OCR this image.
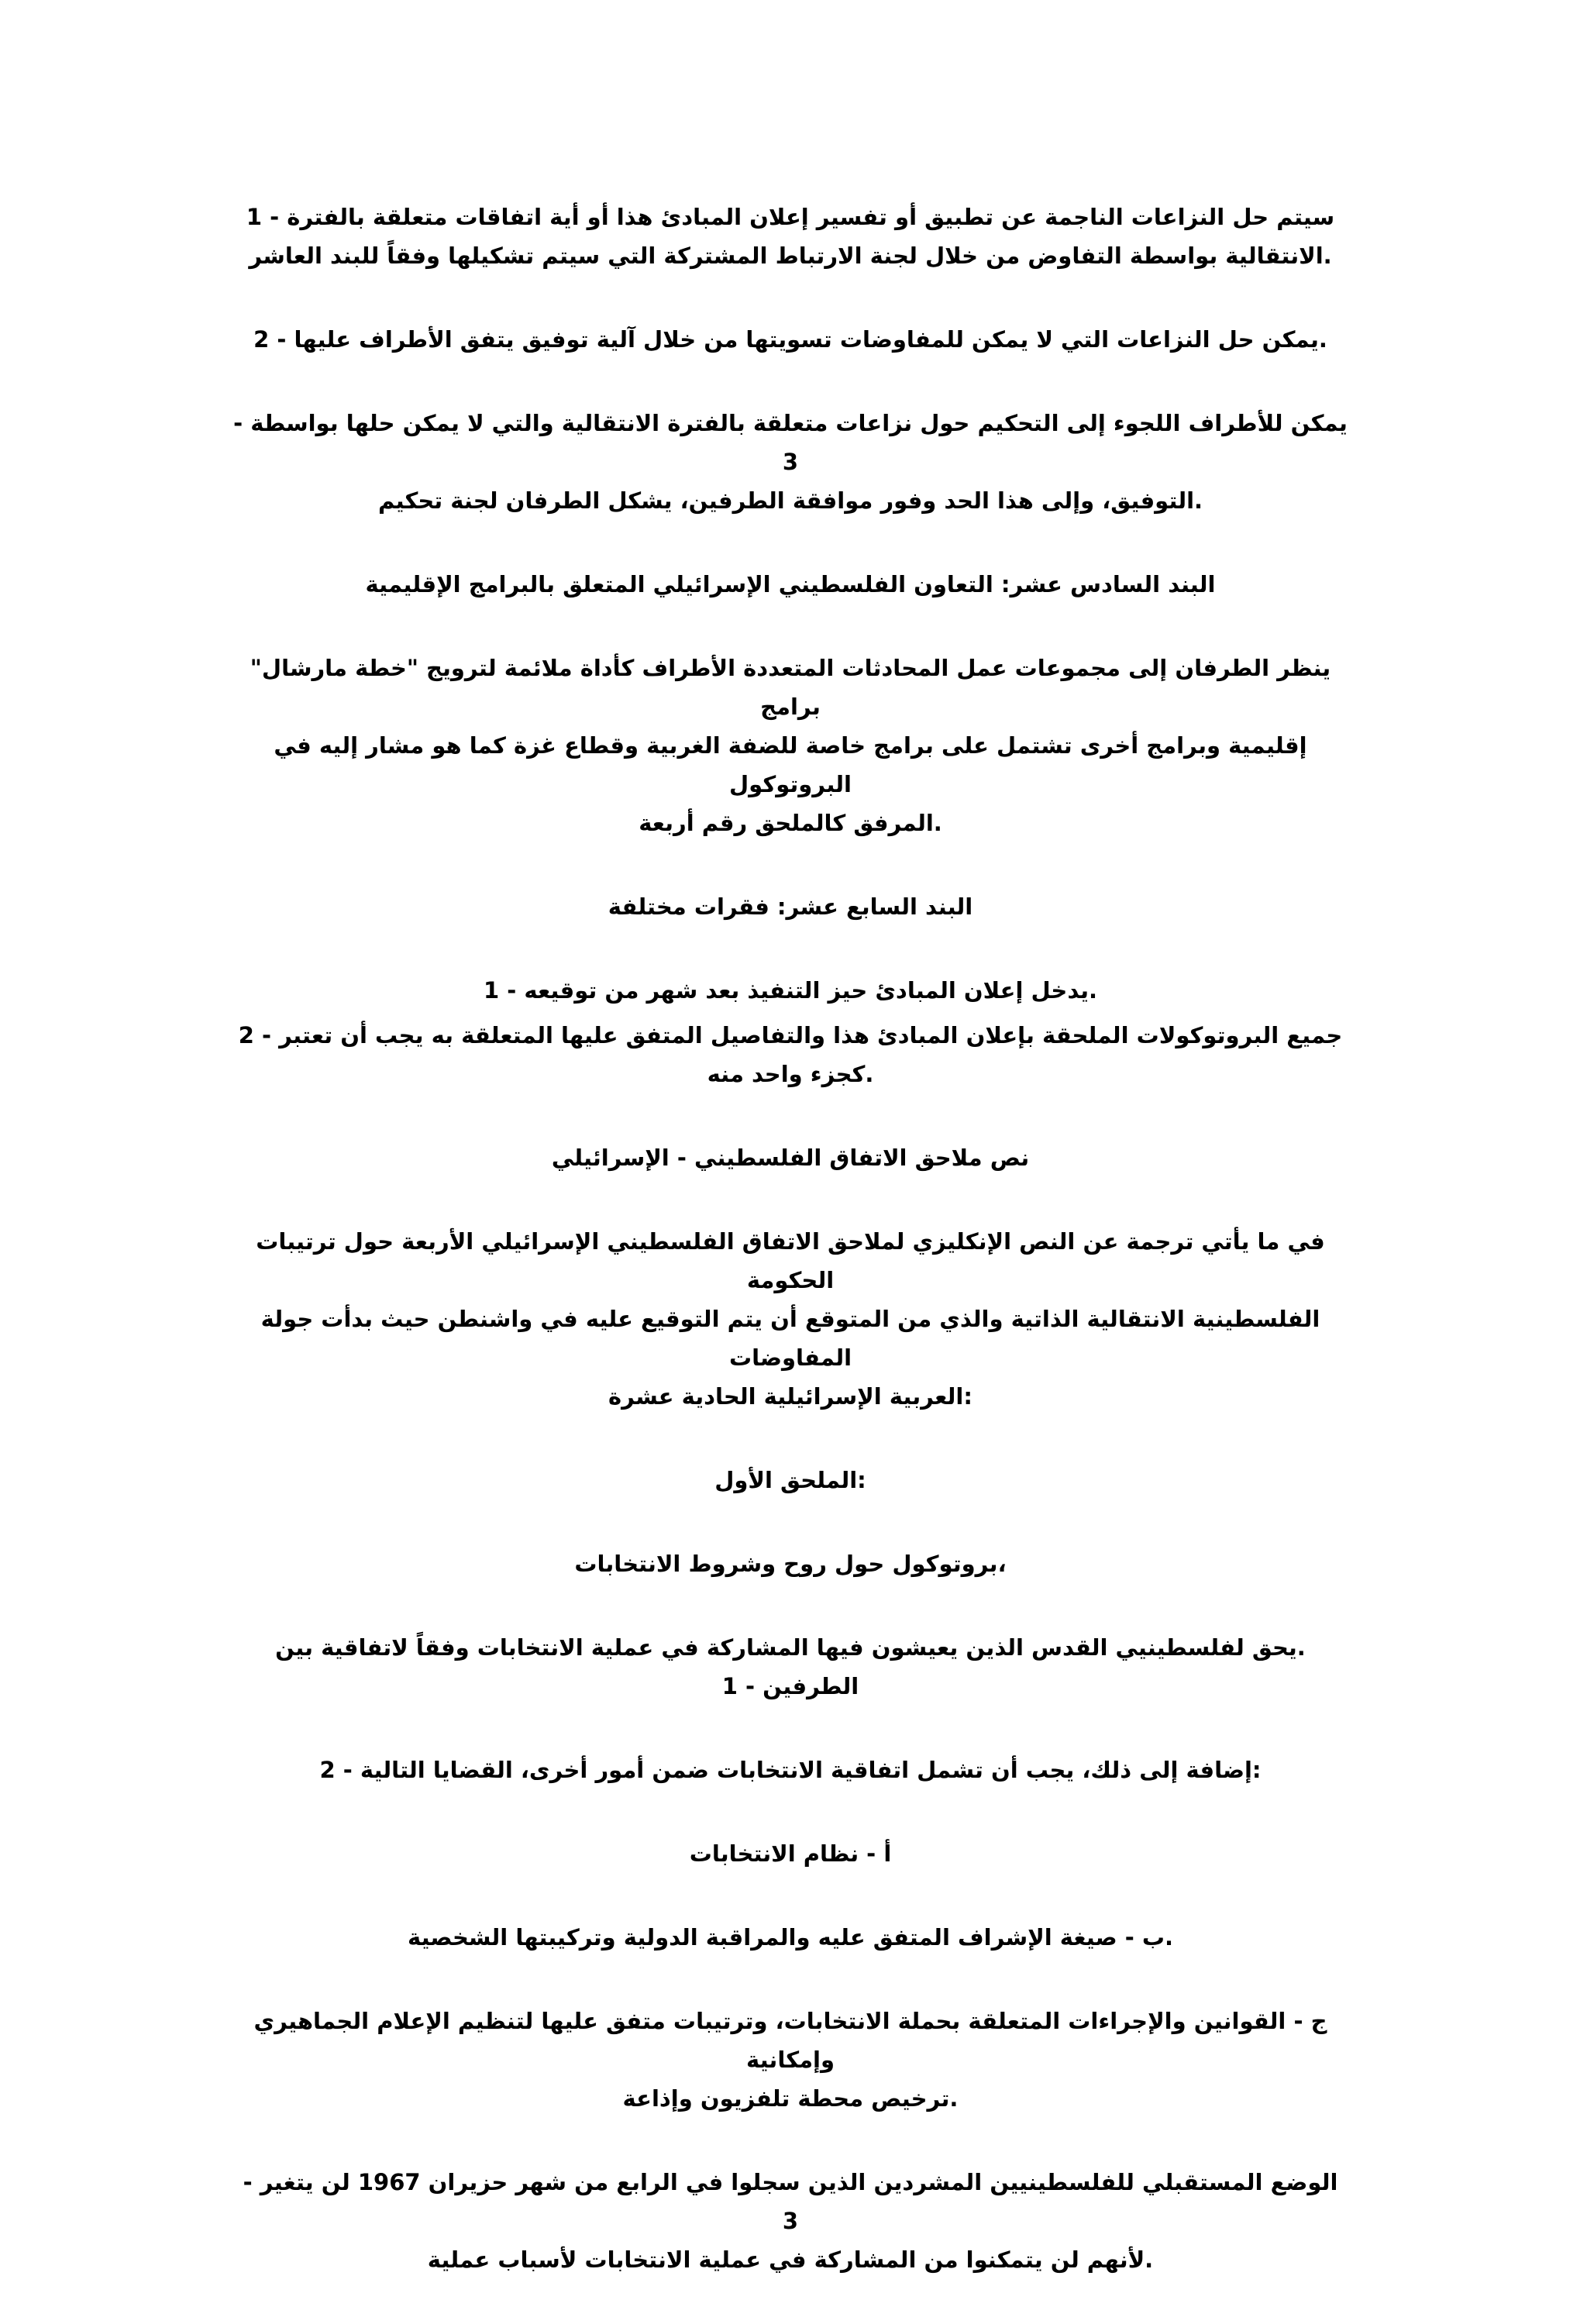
سيتم حل النزاعات الناجمة عن تطبيق أو تفسير إعلان المبادئ هذا أو أية اتفاقات متعلقة بالفترة - 1
.الانتقالية بواسطة التفاوض من خلال لجنة الارتباط المشتركة التي سيتم تشكيلها وفقاً للبند العاشر

.يمكن حل النزاعات التي لا يمكن للمفاوضات تسويتها من خلال آلية توفيق يتفق الأطراف عليها - 2

يمكن للأطراف اللجوء إلى التحكيم حول نزاعات متعلقة بالفترة الانتقالية والتي لا يمكن حلها بواسطة - 3
.التوفيق، وإلى هذا الحد وفور موافقة الطرفين، يشكل الطرفان لجنة تحكيم

البند السادس عشر: التعاون الفلسطيني الإسرائيلي المتعلق بالبرامج الإقليمية

ينظر الطرفان إلى مجموعات عمل المحادثات المتعددة الأطراف كأداة ملائمة لترويج "خطة مارشال" برامج
إقليمية وبرامج أخرى تشتمل على برامج خاصة للضفة الغربية وقطاع غزة كما هو مشار إليه في البروتوكول
.المرفق كالملحق رقم أربعة

البند السابع عشر: فقرات مختلفة

.يدخل إعلان المبادئ حيز التنفيذ بعد شهر من توقيعه - 1

جميع البروتوكولات الملحقة بإعلان المبادئ هذا والتفاصيل المتفق عليها المتعلقة به يجب أن تعتبر - 2
.كجزء واحد منه

نص ملاحق الاتفاق الفلسطيني - الإسرائيلي

في ما يأتي ترجمة عن النص الإنكليزي لملاحق الاتفاق الفلسطيني الإسرائيلي الأربعة حول ترتيبات الحكومة
الفلسطينية الانتقالية الذاتية والذي من المتوقع أن يتم التوقيع عليه في واشنطن حيث بدأت جولة المفاوضات
:العربية الإسرائيلية الحادية عشرة

:الملحق الأول

،بروتوكول حول روح وشروط الانتخابات

.يحق لفلسطينيي القدس الذين يعيشون فيها المشاركة في عملية الانتخابات وفقاً لاتفاقية بين الطرفين - 1

:إضافة إلى ذلك، يجب أن تشمل اتفاقية الانتخابات ضمن أمور أخرى، القضايا التالية - 2

أ - نظام الانتخابات

.ب - صيغة الإشراف المتفق عليه والمراقبة الدولية وتركيبتها الشخصية

ج - القوانين والإجراءات المتعلقة بحملة الانتخابات، وترتيبات متفق عليها لتنظيم الإعلام الجماهيري وإمكانية
.ترخيص محطة تلفزيون وإذاعة

الوضع المستقبلي للفلسطينيين المشردين الذين سجلوا في الرابع من شهر حزيران 1967 لن يتغير - 3
.لأنهم لن يتمكنوا من المشاركة في عملية الانتخابات لأسباب عملية
